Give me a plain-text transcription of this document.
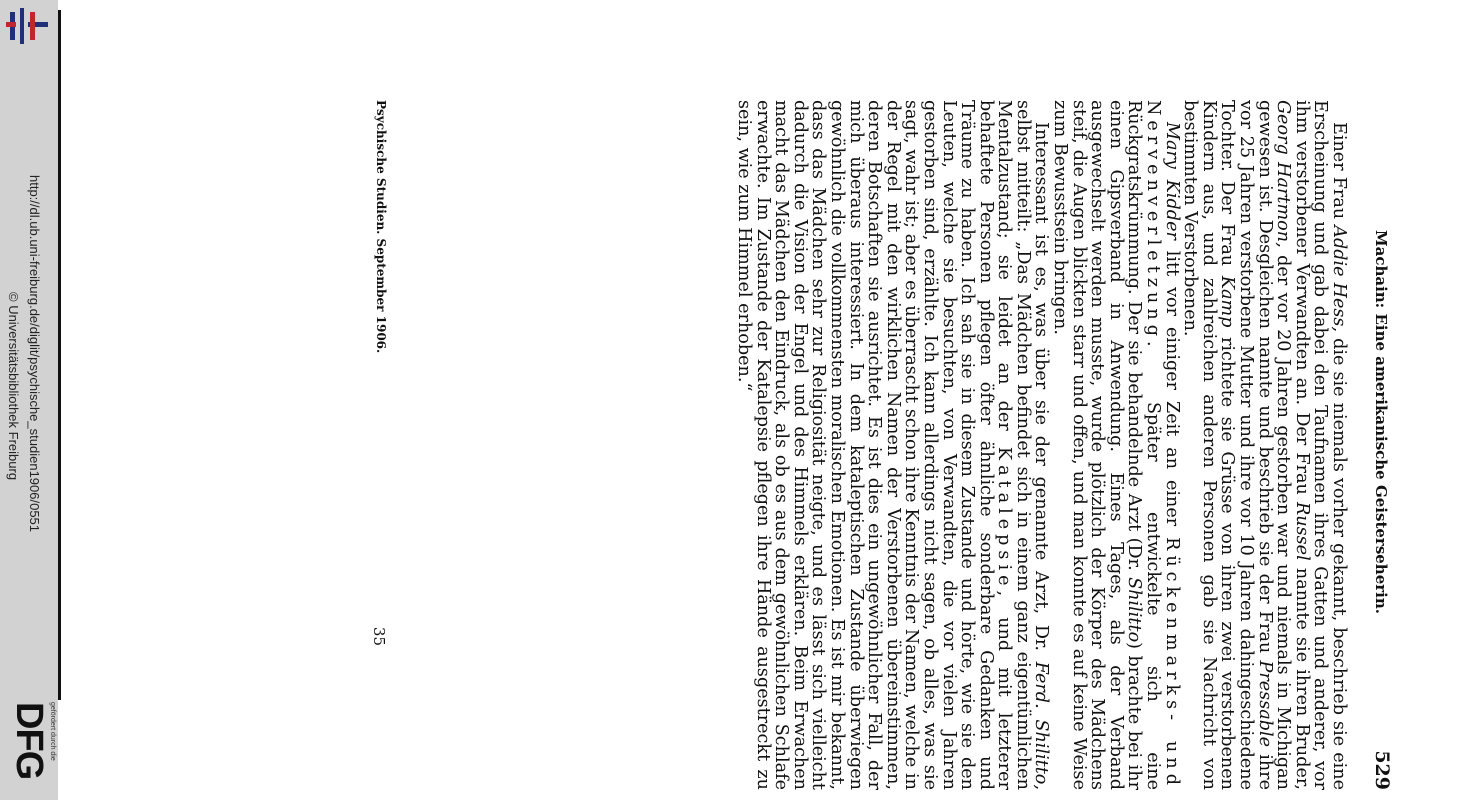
http://dl.ub.uni-freiburg.de/diglit/psychische_studien1906/0551
© Universitätsbibliothek Freiburg
gefördert durch die
DFG
Machain: Eine amerikanische Geisterseherin.
529

Einer Frau Addie Hess, die sie niemals vorher gekannt, beschrieb sie eine Erscheinung und gab dabei den Taufnamen ihres Gatten und anderer, vor ihm verstorbener Verwandten an. Der Frau Russel nannte sie ihren Bruder, Georg Hartmon, der vor 20 Jahren gestorben war und niemals in Michigan gewesen ist. Desgleichen nannte und beschrieb sie der Frau Pressable ihre vor 25 Jahren verstorbene Mutter und ihre vor 10 Jahren dahingeschiedene Tochter. Der Frau Kamp richtete sie Grüsse von ihren zwei verstorbenen Kindern aus, und zahlreichen anderen Personen gab sie Nachricht von bestimmten Verstorbenen.

Mary Kidder litt vor einiger Zeit an einer Rückenmarks- und Nervenverletzung. Später entwickelte sich eine Rückgratskrümmung. Der sie behandelnde Arzt (Dr. Shilitto) brachte bei ihr einen Gipsverband in Anwendung. Eines Tages, als der Verband ausgewechselt werden musste, wurde plötzlich der Körper des Mädchens steif, die Augen blickten starr und offen, und man konnte es auf keine Weise zum Bewusstsein bringen.

Interessant ist es, was über sie der genannte Arzt, Dr. Ferd. Shilitto, selbst mitteilt: „Das Mädchen befindet sich in einem ganz eigentümlichen Mentalzustand; sie leidet an der Katalepsie, und mit letzterer behaftete Personen pflegen öfter ähnliche sonderbare Gedanken und Träume zu haben. Ich sah sie in diesem Zustande und hörte, wie sie den Leuten, welche sie besuchten, von Verwandten, die vor vielen Jahren gestorben sind, erzählte. Ich kann allerdings nicht sagen, ob alles, was sie sagt, wahr ist; aber es überrascht schon ihre Kenntnis der Namen, welche in der Regel mit den wirklichen Namen der Verstorbenen übereinstimmen, deren Botschaften sie ausrichtet. Es ist dies ein ungewöhnlicher Fall, der mich überaus interessiert. In dem kataleptischen Zustande überwiegen gewöhnlich die vollkommensten moralischen Emotionen. Es ist mir bekannt, dass das Mädchen sehr zur Religiosität neigte, und es lässt sich vielleicht dadurch die Vision der Engel und des Himmels erklären. Beim Erwachen macht das Mädchen den Eindruck, als ob es aus dem gewöhnlichen Schlafe erwachte. Im Zustande der Katalepsie pflegen ihre Hände ausgestreckt zu sein, wie zum Himmel erhoben.“

Psychische Studien. September 1906.
35
